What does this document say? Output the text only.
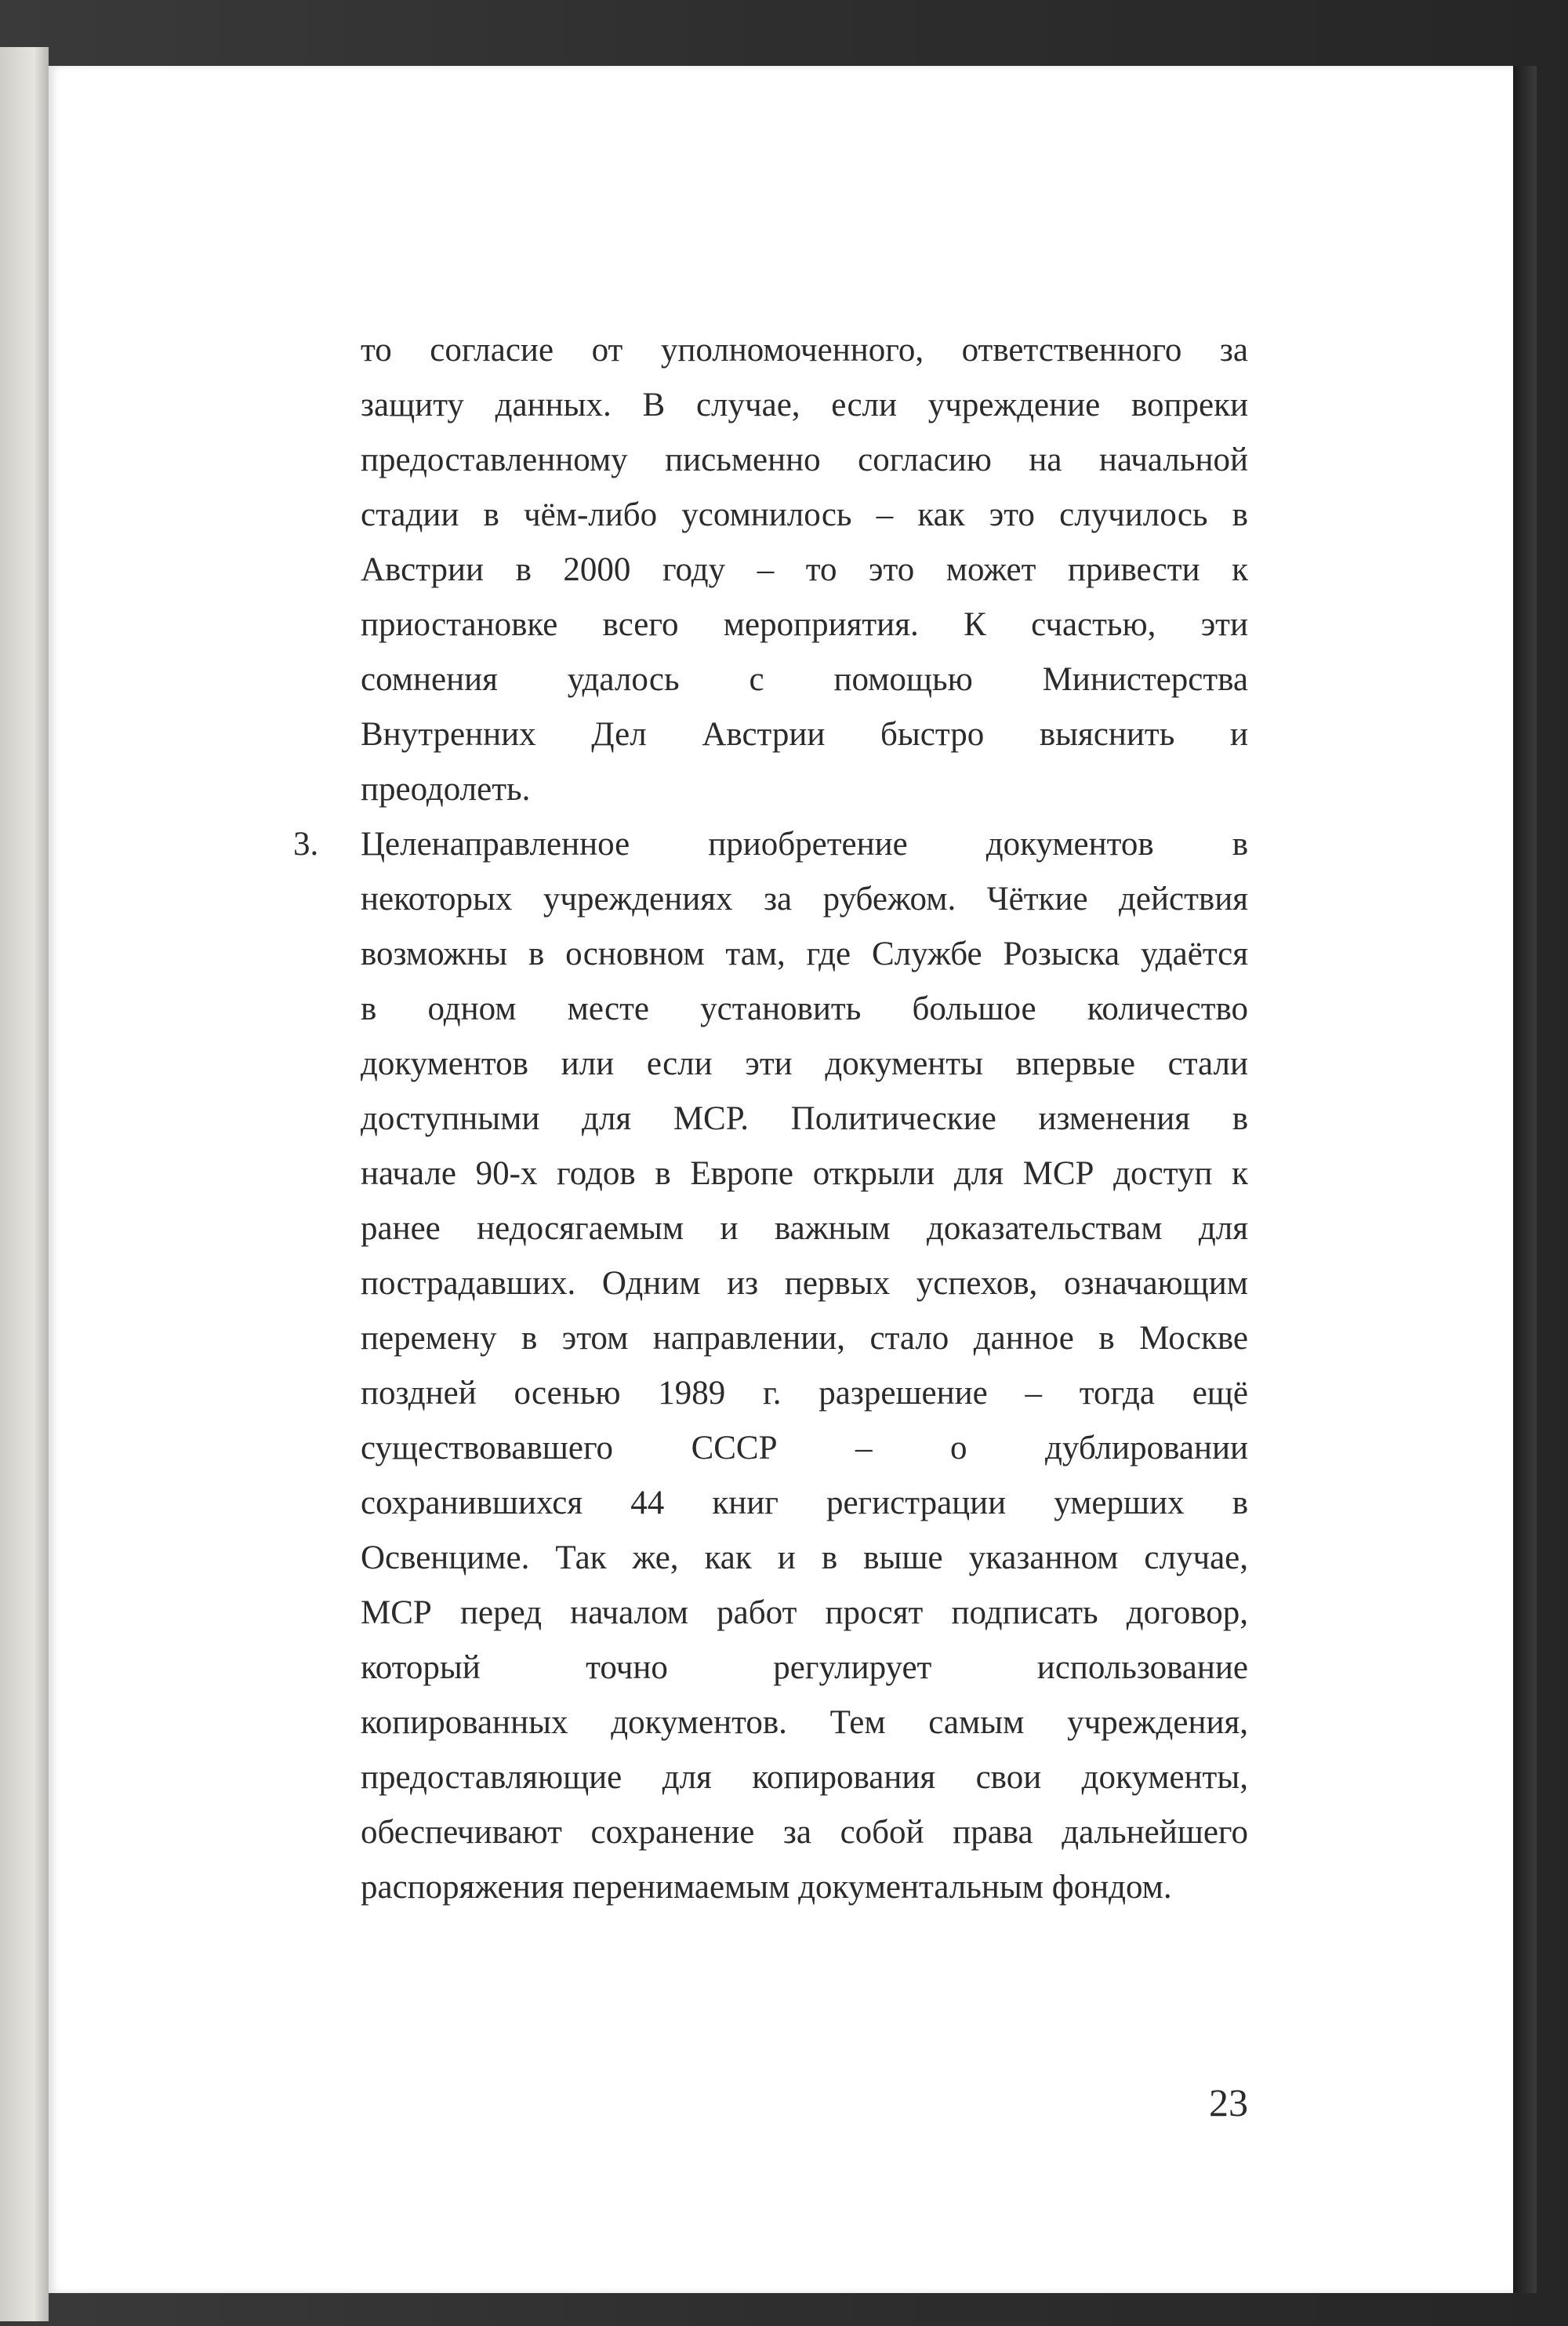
то согласие от уполномоченного, ответственного за
защиту данных. В случае, если учреждение вопреки
предоставленному письменно согласию на начальной
стадии в чём-либо усомнилось – как это случилось в
Австрии в 2000 году – то это может привести к
приостановке всего мероприятия. К счастью, эти
сомнения удалось с помощью Министерства
Внутренних Дел Австрии быстро выяснить и
преодолеть.
3. Целенаправленное приобретение документов в
некоторых учреждениях за рубежом. Чёткие действия
возможны в основном там, где Службе Розыска удаётся
в одном месте установить большое количество
документов или если эти документы впервые стали
доступными для МСР. Политические изменения в
начале 90-х годов в Европе открыли для МСР доступ к
ранее недосягаемым и важным доказательствам для
пострадавших. Одним из первых успехов, означающим
перемену в этом направлении, стало данное в Москве
поздней осенью 1989 г. разрешение – тогда ещё
существовавшего СССР – о дублировании
сохранившихся 44 книг регистрации умерших в
Освенциме. Так же, как и в выше указанном случае,
МСР перед началом работ просят подписать договор,
который точно регулирует использование
копированных документов. Тем самым учреждения,
предоставляющие для копирования свои документы,
обеспечивают сохранение за собой права дальнейшего
распоряжения перенимаемым документальным фондом.
23
